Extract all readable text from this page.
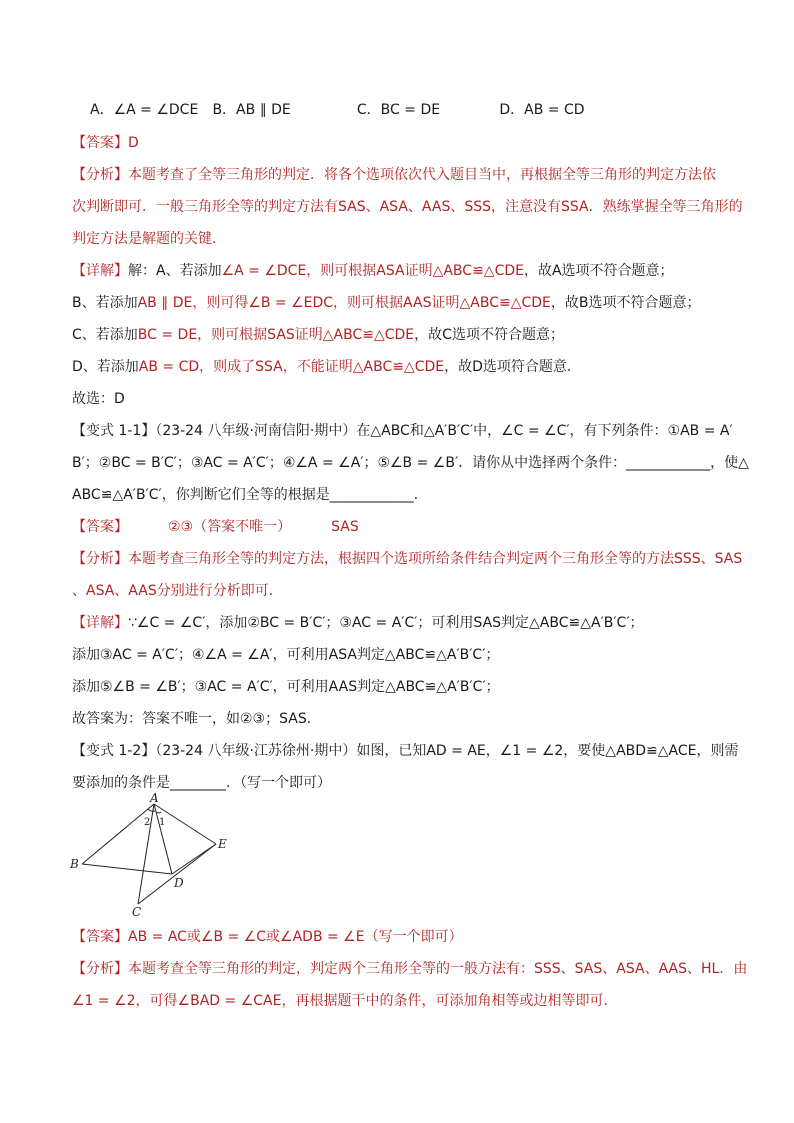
A．∠A = ∠DCE B．AB ∥ DE	C．BC = DE	D．AB = CD
【答案】D
【分析】本题考查了全等三角形的判定．将各个选项依次代入题目当中，再根据全等三角形的判定方法依
次判断即可．一般三角形全等的判定方法有SAS、ASA、AAS、SSS，注意没有SSA．熟练掌握全等三角形的
判定方法是解题的关键．
【详解】解：A、若添加∠A = ∠DCE，则可根据ASA证明△ABC≌△CDE，故A选项不符合题意；
B、若添加AB ∥ DE，则可得∠B = ∠EDC，则可根据AAS证明△ABC≌△CDE，故B选项不符合题意；
C、若添加BC = DE，则可根据SAS证明△ABC≌△CDE，故C选项不符合题意；
D、若添加AB = CD，则成了SSA，不能证明△ABC≌△CDE，故D选项符合题意.
故选：D
【变式 1-1】（23-24 八年级·河南信阳·期中）在△ABC和△A′B′C′中，∠C = ∠C′，有下列条件：①AB = A′
B′；②BC = B′C′；③AC = A′C′；④∠A = ∠A′；⑤∠B = ∠B′．请你从中选择两个条件：____________，使△
ABC≌△A′B′C′，你判断它们全等的根据是____________．
【答案】	②③（答案不唯一）	SAS
【分析】本题考查三角形全等的判定方法，根据四个选项所给条件结合判定两个三角形全等的方法SSS、SAS
、ASA、AAS分别进行分析即可．
【详解】∵∠C = ∠C′，添加②BC = B′C′；③AC = A′C′；可利用SAS判定△ABC≌△A′B′C′；
添加③AC = A′C′；④∠A = ∠A′，可利用ASA判定△ABC≌△A′B′C′；
添加⑤∠B = ∠B′；③AC = A′C′，可利用AAS判定△ABC≌△A′B′C′；
故答案为：答案不唯一，如②③；SAS．
【变式 1-2】（23-24 八年级·江苏徐州·期中）如图，已知AD = AE，∠1 = ∠2，要使△ABD≌△ACE，则需
要添加的条件是________．（写一个即可）
A
B
C
D
E
2 1
【答案】AB = AC或∠B = ∠C或∠ADB = ∠E（写一个即可）
【分析】本题考查全等三角形的判定，判定两个三角形全等的一般方法有：SSS、SAS、ASA、AAS、HL．由
∠1 = ∠2，可得∠BAD = ∠CAE，再根据题干中的条件，可添加角相等或边相等即可．
